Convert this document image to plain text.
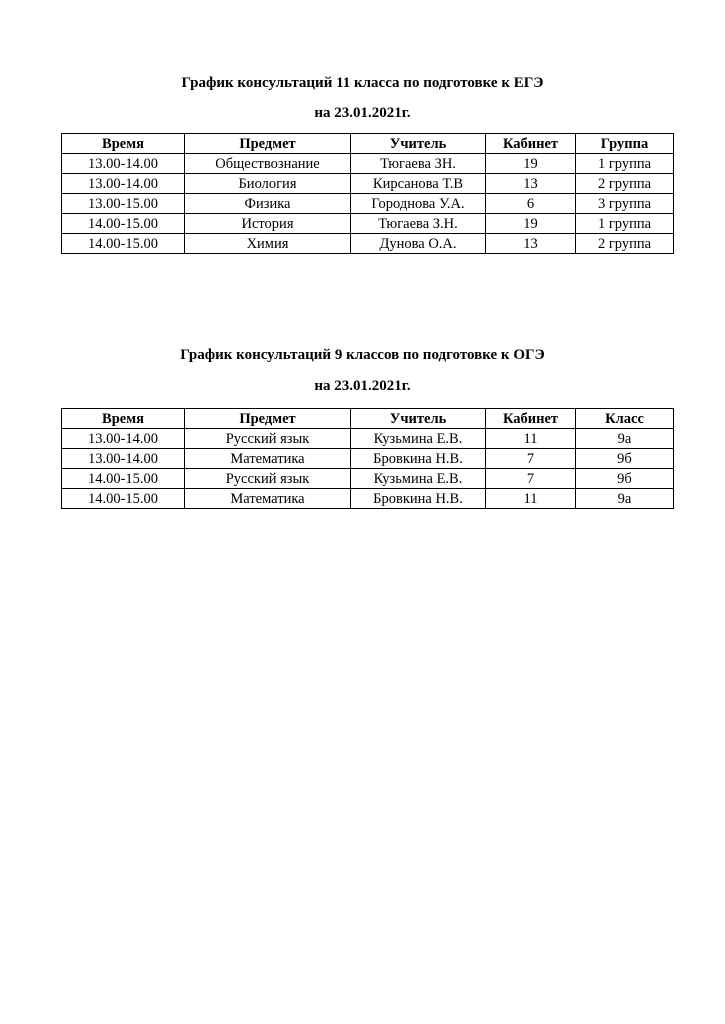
График консультаций 11 класса по подготовке к ЕГЭ

на 23.01.2021г.

Время	Предмет	Учитель	Кабинет	Группа
13.00-14.00	Обществознание	Тюгаева ЗН.	19	1 группа
13.00-14.00	Биология	Кирсанова Т.В	13	2 группа
13.00-15.00	Физика	Городнова У.А.	6	3 группа
14.00-15.00	История	Тюгаева З.Н.	19	1 группа
14.00-15.00	Химия	Дунова О.А.	13	2 группа

График консультаций 9 классов по подготовке к ОГЭ

на 23.01.2021г.

Время	Предмет	Учитель	Кабинет	Класс
13.00-14.00	Русский язык	Кузьмина Е.В.	11	9а
13.00-14.00	Математика	Бровкина Н.В.	7	9б
14.00-15.00	Русский язык	Кузьмина Е.В.	7	9б
14.00-15.00	Математика	Бровкина Н.В.	11	9а
